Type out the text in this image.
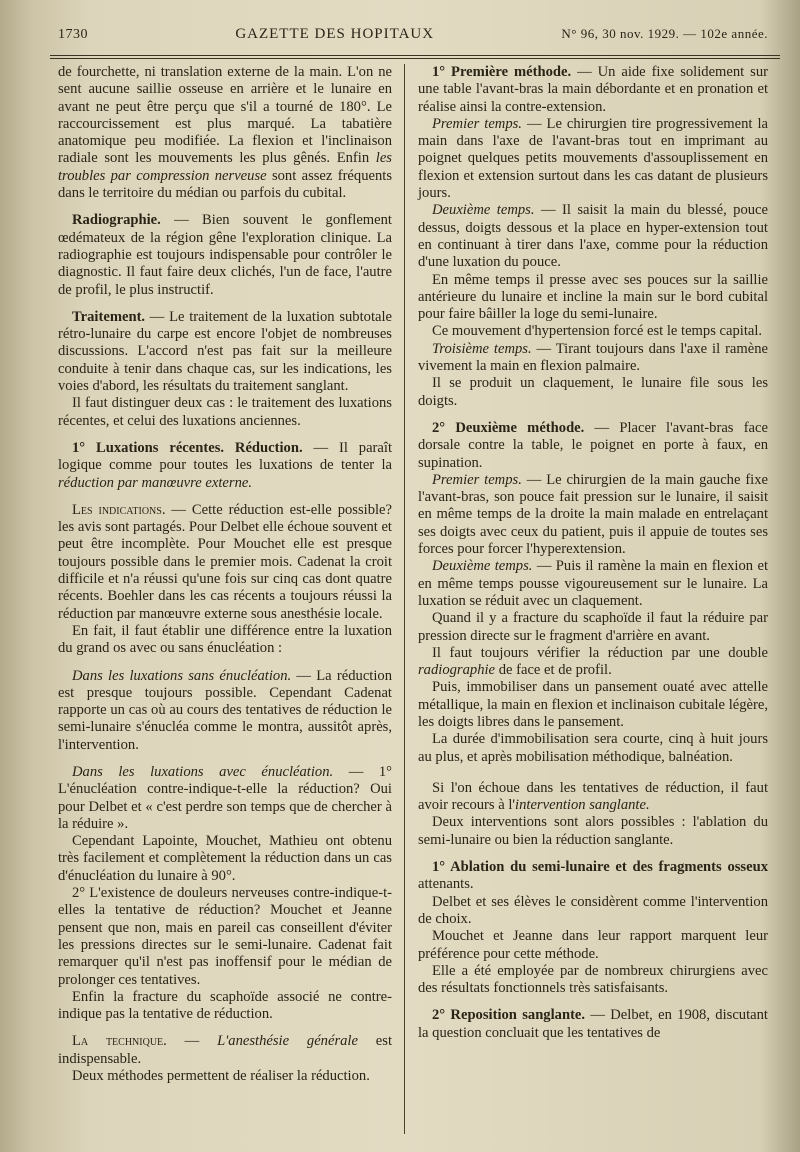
1730	GAZETTE DES HOPITAUX	N° 96, 30 nov. 1929. — 102e année.

de fourchette, ni translation externe de la main. L'on ne sent aucune saillie osseuse en arrière et le lunaire en avant ne peut être perçu que s'il a tourné de 180°. Le raccourcissement est plus marqué. La tabatière anatomique peu modifiée. La flexion et l'inclinaison radiale sont les mouvements les plus gênés. Enfin les troubles par compression nerveuse sont assez fréquents dans le territoire du médian ou parfois du cubital.

Radiographie. — Bien souvent le gonflement œdémateux de la région gêne l'exploration clinique. La radiographie est toujours indispensable pour contrôler le diagnostic. Il faut faire deux clichés, l'un de face, l'autre de profil, le plus instructif.

Traitement. — Le traitement de la luxation subtotale rétro-lunaire du carpe est encore l'objet de nombreuses discussions. L'accord n'est pas fait sur la meilleure conduite à tenir dans chaque cas, sur les indications, les voies d'abord, les résultats du traitement sanglant.

Il faut distinguer deux cas : le traitement des luxations récentes, et celui des luxations anciennes.

1° Luxations récentes. Réduction. — Il paraît logique comme pour toutes les luxations de tenter la réduction par manœuvre externe.

Les indications. — Cette réduction est-elle possible? les avis sont partagés. Pour Delbet elle échoue souvent et peut être incomplète. Pour Mouchet elle est presque toujours possible dans le premier mois. Cadenat la croit difficile et n'a réussi qu'une fois sur cinq cas dont quatre récents. Boehler dans les cas récents a toujours réussi la réduction par manœuvre externe sous anesthésie locale.

En fait, il faut établir une différence entre la luxation du grand os avec ou sans énucléation :

Dans les luxations sans énucléation. — La réduction est presque toujours possible. Cependant Cadenat rapporte un cas où au cours des tentatives de réduction le semi-lunaire s'énucléa comme le montra, aussitôt après, l'intervention.

Dans les luxations avec énucléation. — 1° L'énucléation contre-indique-t-elle la réduction? Oui pour Delbet et « c'est perdre son temps que de chercher à la réduire ».

Cependant Lapointe, Mouchet, Mathieu ont obtenu très facilement et complètement la réduction dans un cas d'énucléation du lunaire à 90°.

2° L'existence de douleurs nerveuses contre-indique-t-elles la tentative de réduction? Mouchet et Jeanne pensent que non, mais en pareil cas conseillent d'éviter les pressions directes sur le semi-lunaire. Cadenat fait remarquer qu'il n'est pas inoffensif pour le médian de prolonger ces tentatives.

Enfin la fracture du scaphoïde associé ne contre-indique pas la tentative de réduction.

La technique. — L'anesthésie générale est indispensable.

Deux méthodes permettent de réaliser la réduction.

1° Première méthode. — Un aide fixe solidement sur une table l'avant-bras la main débordante et en pronation et réalise ainsi la contre-extension.

Premier temps. — Le chirurgien tire progressivement la main dans l'axe de l'avant-bras tout en imprimant au poignet quelques petits mouvements d'assouplissement en flexion et extension surtout dans les cas datant de plusieurs jours.

Deuxième temps. — Il saisit la main du blessé, pouce dessus, doigts dessous et la place en hyper-extension tout en continuant à tirer dans l'axe, comme pour la réduction d'une luxation du pouce.

En même temps il presse avec ses pouces sur la saillie antérieure du lunaire et incline la main sur le bord cubital pour faire bâiller la loge du semi-lunaire.

Ce mouvement d'hypertension forcé est le temps capital.

Troisième temps. — Tirant toujours dans l'axe il ramène vivement la main en flexion palmaire.

Il se produit un claquement, le lunaire file sous les doigts.

2° Deuxième méthode. — Placer l'avant-bras face dorsale contre la table, le poignet en porte à faux, en supination.

Premier temps. — Le chirurgien de la main gauche fixe l'avant-bras, son pouce fait pression sur le lunaire, il saisit en même temps de la droite la main malade en entrelaçant ses doigts avec ceux du patient, puis il appuie de toutes ses forces pour forcer l'hyperextension.

Deuxième temps. — Puis il ramène la main en flexion et en même temps pousse vigoureusement sur le lunaire. La luxation se réduit avec un claquement.

Quand il y a fracture du scaphoïde il faut la réduire par pression directe sur le fragment d'arrière en avant.

Il faut toujours vérifier la réduction par une double radiographie de face et de profil.

Puis, immobiliser dans un pansement ouaté avec attelle métallique, la main en flexion et inclinaison cubitale légère, les doigts libres dans le pansement.

La durée d'immobilisation sera courte, cinq à huit jours au plus, et après mobilisation méthodique, balnéation.

Si l'on échoue dans les tentatives de réduction, il faut avoir recours à l'intervention sanglante.

Deux interventions sont alors possibles : l'ablation du semi-lunaire ou bien la réduction sanglante.

1° Ablation du semi-lunaire et des fragments osseux attenants.

Delbet et ses élèves le considèrent comme l'intervention de choix.

Mouchet et Jeanne dans leur rapport marquent leur préférence pour cette méthode.

Elle a été employée par de nombreux chirurgiens avec des résultats fonctionnels très satisfaisants.

2° Reposition sanglante. — Delbet, en 1908, discutant la question concluait que les tentatives de
